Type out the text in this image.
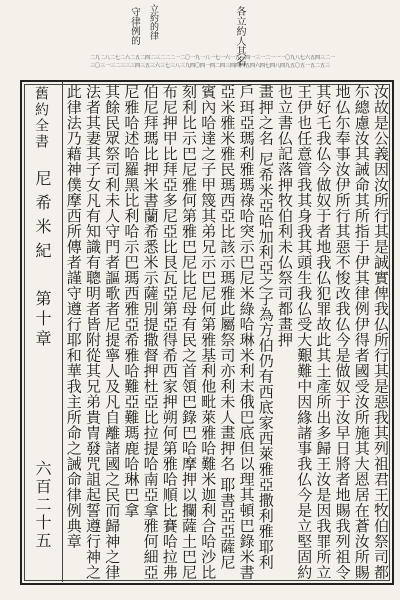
守律例的 立約的律	各立約人其名
二九二八二七二六二五二四二三二二二一二〇一九一八一七一六一五一四一三一二一一一〇九八七六五四三二一
三〇三一三二三三三四三五三六三七三八三九四〇四一四二四三四四四五四六四七四八四九五〇五一五二五三
舊約全書
尼希米紀
第十章
六百二十五
汝故是公義因汝所行其是誠實俾我仏所行其是惡我其列祖君王牧伯祭司都
尓總慮汝其誡命其所指于伊其律例伊得者國受汝所施其大恩居在蒼汝所賜
地仏尓奉事汝伊所行其惡不悛改我仏今是做奴于汝早日將者地賜我列祖令
其好乇我仏今做奴于者地我仏犯罪故此其土產所出多歸王汝是因我罪所立
王伊也任意管我其身我其頭生我仏受大艱難中因緣諸事我仏今是立堅固約
也立書仏記落押牧伯利未仏祭司都畫押
畫押之名 尼希米亞哈加利亞之子為方伯仍有西底家西萊雅亞撒利雅耶利
戶珥亞瑪利雅瑪祿哈突示巴尼米綠哈琳米利末俄巴底但以理其頓巴錄米書
亞米雅米雅民瑪西亞比該示瑪雅此屬祭司亦利未人畫押名 耶書亞亞薩尼
賓內哈達之子甲篾其弟兄示巴尼何第雅基利他毗萊雅哈難米迦利合哈沙比
刻利比示巴尼雅何第雅巴尼比尼母有民之首領巴錄巴哈摩押以攔薩土巴尼
布尼押甲比拜亞多尼亞比艮瓦亞第亞得希西家押朔何第雅哈順比賽哈拉弗
伯尼拜瑪比押米書蘭希悉米示薩別提撒督押杜亞比拉提哈南亞拿雅何細亞
尼雅哈述哈羅黑比利哈示巴瑪西雅亞希雅哈難亞難瑪鹿哈琳巴拿
其餘民眾祭司利未人守門者謳歌者尼提寧人及凡自離諸國之民而歸神之律
法者其妻其子女凡有知識有聰明者皆附從其兄弟貴冑發咒詛起誓遵行神之
此律法乃藉神僕摩西所傳者謹守遵行耶和華我主所命之誡命律例典章
